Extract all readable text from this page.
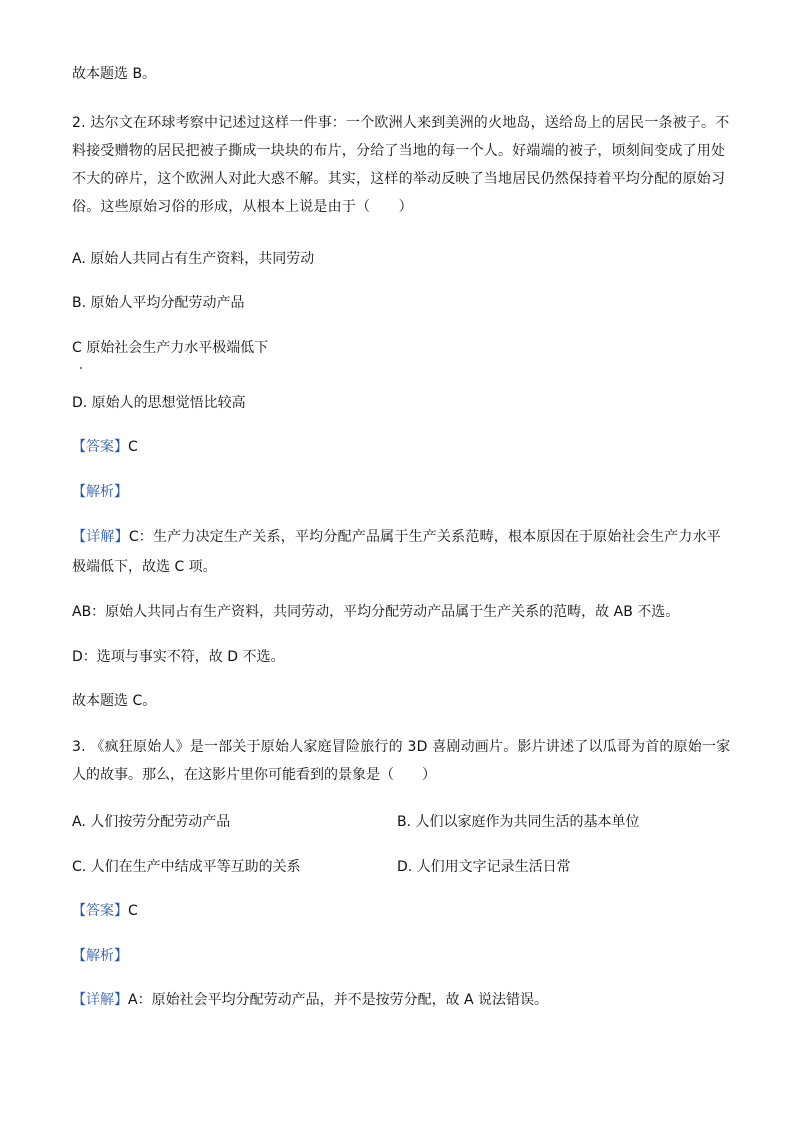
故本题选 B。
2. 达尔文在环球考察中记述过这样一件事：一个欧洲人来到美洲的火地岛，送给岛上的居民一条被子。不
料接受赠物的居民把被子撕成一块块的布片，分给了当地的每一个人。好端端的被子，顷刻间变成了用处
不大的碎片，这个欧洲人对此大惑不解。其实，这样的举动反映了当地居民仍然保持着平均分配的原始习
俗。这些原始习俗的形成，从根本上说是由于（　　）
A. 原始人共同占有生产资料，共同劳动
B. 原始人平均分配劳动产品
C 原始社会生产力水平极端低下
D. 原始人的思想觉悟比较高
【答案】C
【解析】
【详解】C：生产力决定生产关系，平均分配产品属于生产关系范畴，根本原因在于原始社会生产力水平
极端低下，故选 C 项。
AB：原始人共同占有生产资料，共同劳动，平均分配劳动产品属于生产关系的范畴，故 AB 不选。
D：选项与事实不符，故 D 不选。
故本题选 C。
3. 《疯狂原始人》是一部关于原始人家庭冒险旅行的 3D 喜剧动画片。影片讲述了以瓜哥为首的原始一家
人的故事。那么，在这影片里你可能看到的景象是（　　）
A. 人们按劳分配劳动产品	B. 人们以家庭作为共同生活的基本单位
C. 人们在生产中结成平等互助的关系	D. 人们用文字记录生活日常
【答案】C
【解析】
【详解】A：原始社会平均分配劳动产品，并不是按劳分配，故 A 说法错误。
